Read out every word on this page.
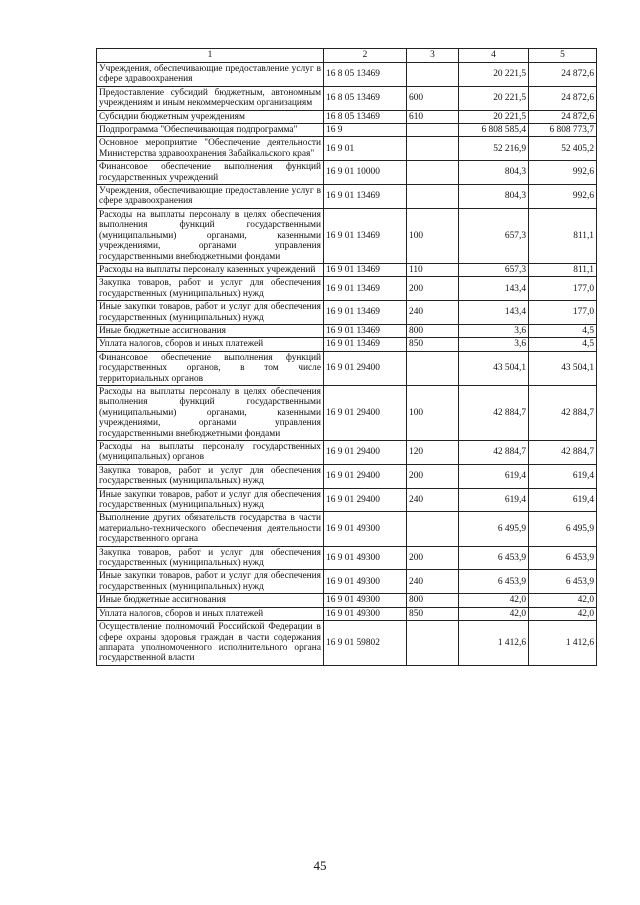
1	2	3	4	5
Учреждения, обеспечивающие предоставление услуг в сфере здравоохранения	16 8 05 13469		20 221,5	24 872,6
Предоставление субсидий бюджетным, автономным учреждениям и иным некоммерческим организациям	16 8 05 13469	600	20 221,5	24 872,6
Субсидии бюджетным учреждениям	16 8 05 13469	610	20 221,5	24 872,6
Подпрограмма "Обеспечивающая подпрограмма"	16 9		6 808 585,4	6 808 773,7
Основное мероприятие "Обеспечение деятельности Министерства здравоохранения Забайкальского края"	16 9 01		52 216,9	52 405,2
Финансовое обеспечение выполнения функций государственных учреждений	16 9 01 10000		804,3	992,6
Учреждения, обеспечивающие предоставление услуг в сфере здравоохранения	16 9 01 13469		804,3	992,6
Расходы на выплаты персоналу в целях обеспечения выполнения функций государственными (муниципальными) органами, казенными учреждениями, органами управления государственными внебюджетными фондами	16 9 01 13469	100	657,3	811,1
Расходы на выплаты персоналу казенных учреждений	16 9 01 13469	110	657,3	811,1
Закупка товаров, работ и услуг для обеспечения государственных (муниципальных) нужд	16 9 01 13469	200	143,4	177,0
Иные закупки товаров, работ и услуг для обеспечения государственных (муниципальных) нужд	16 9 01 13469	240	143,4	177,0
Иные бюджетные ассигнования	16 9 01 13469	800	3,6	4,5
Уплата налогов, сборов и иных платежей	16 9 01 13469	850	3,6	4,5
Финансовое обеспечение выполнения функций государственных органов, в том числе территориальных органов	16 9 01 29400		43 504,1	43 504,1
Расходы на выплаты персоналу в целях обеспечения выполнения функций государственными (муниципальными) органами, казенными учреждениями, органами управления государственными внебюджетными фондами	16 9 01 29400	100	42 884,7	42 884,7
Расходы на выплаты персоналу государственных (муниципальных) органов	16 9 01 29400	120	42 884,7	42 884,7
Закупка товаров, работ и услуг для обеспечения государственных (муниципальных) нужд	16 9 01 29400	200	619,4	619,4
Иные закупки товаров, работ и услуг для обеспечения государственных (муниципальных) нужд	16 9 01 29400	240	619,4	619,4
Выполнение других обязательств государства в части материально-технического обеспечения деятельности государственного органа	16 9 01 49300		6 495,9	6 495,9
Закупка товаров, работ и услуг для обеспечения государственных (муниципальных) нужд	16 9 01 49300	200	6 453,9	6 453,9
Иные закупки товаров, работ и услуг для обеспечения государственных (муниципальных) нужд	16 9 01 49300	240	6 453,9	6 453,9
Иные бюджетные ассигнования	16 9 01 49300	800	42,0	42,0
Уплата налогов, сборов и иных платежей	16 9 01 49300	850	42,0	42,0
Осуществление полномочий Российской Федерации в сфере охраны здоровья граждан в части содержания аппарата уполномоченного исполнительного органа государственной власти	16 9 01 59802		1 412,6	1 412,6
45
